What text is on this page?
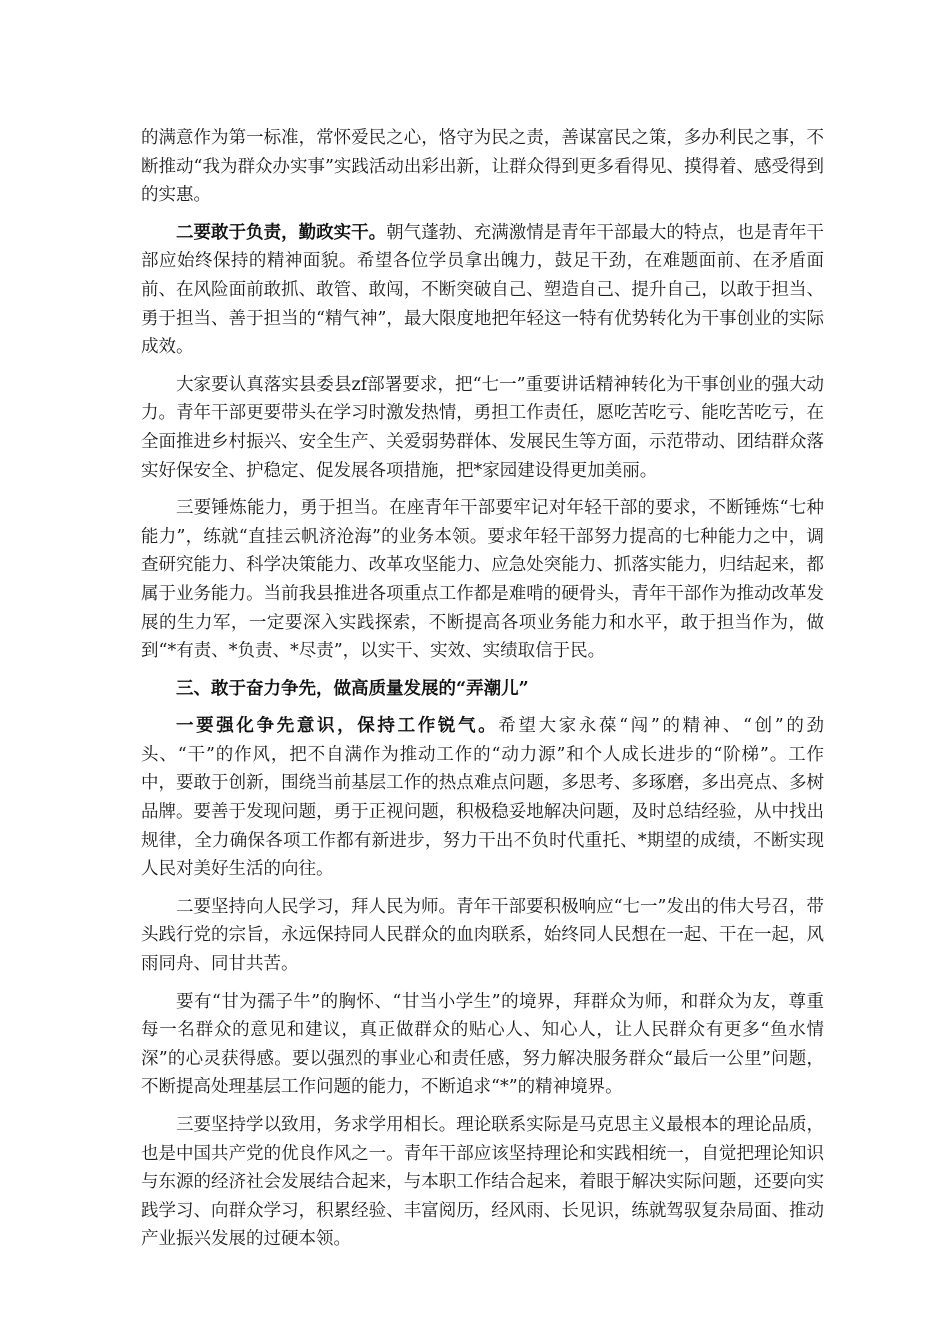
的满意作为第一标准，常怀爱民之心，恪守为民之责，善谋富民之策，多办利民之事，不断推动“我为群众办实事”实践活动出彩出新，让群众得到更多看得见、摸得着、感受得到的实惠。

二要敢于负责，勤政实干。朝气蓬勃、充满激情是青年干部最大的特点，也是青年干部应始终保持的精神面貌。希望各位学员拿出魄力，鼓足干劲，在难题面前、在矛盾面前、在风险面前敢抓、敢管、敢闯，不断突破自己、塑造自己、提升自己，以敢于担当、勇于担当、善于担当的“精气神”，最大限度地把年轻这一特有优势转化为干事创业的实际成效。

大家要认真落实县委县zf部署要求，把“七一”重要讲话精神转化为干事创业的强大动力。青年干部更要带头在学习时激发热情，勇担工作责任，愿吃苦吃亏、能吃苦吃亏，在全面推进乡村振兴、安全生产、关爱弱势群体、发展民生等方面，示范带动、团结群众落实好保安全、护稳定、促发展各项措施，把*家园建设得更加美丽。

三要锤炼能力，勇于担当。在座青年干部要牢记对年轻干部的要求，不断锤炼“七种能力”，练就“直挂云帆济沧海”的业务本领。要求年轻干部努力提高的七种能力之中，调查研究能力、科学决策能力、改革攻坚能力、应急处突能力、抓落实能力，归结起来，都属于业务能力。当前我县推进各项重点工作都是难啃的硬骨头，青年干部作为推动改革发展的生力军，一定要深入实践探索，不断提高各项业务能力和水平，敢于担当作为，做到“*有责、*负责、*尽责”，以实干、实效、实绩取信于民。

三、敢于奋力争先，做高质量发展的“弄潮儿”

一要强化争先意识，保持工作锐气。希望大家永葆“闯”的精神、“创”的劲头、“干”的作风，把不自满作为推动工作的“动力源”和个人成长进步的“阶梯”。工作中，要敢于创新，围绕当前基层工作的热点难点问题，多思考、多琢磨，多出亮点、多树品牌。要善于发现问题，勇于正视问题，积极稳妥地解决问题，及时总结经验，从中找出规律，全力确保各项工作都有新进步，努力干出不负时代重托、*期望的成绩，不断实现人民对美好生活的向往。

二要坚持向人民学习，拜人民为师。青年干部要积极响应“七一”发出的伟大号召，带头践行党的宗旨，永远保持同人民群众的血肉联系，始终同人民想在一起、干在一起，风雨同舟、同甘共苦。

要有“甘为孺子牛”的胸怀、“甘当小学生”的境界，拜群众为师，和群众为友，尊重每一名群众的意见和建议，真正做群众的贴心人、知心人，让人民群众有更多“鱼水情深”的心灵获得感。要以强烈的事业心和责任感，努力解决服务群众“最后一公里”问题，不断提高处理基层工作问题的能力，不断追求“*”的精神境界。

三要坚持学以致用，务求学用相长。理论联系实际是马克思主义最根本的理论品质，也是中国共产党的优良作风之一。青年干部应该坚持理论和实践相统一，自觉把理论知识与东源的经济社会发展结合起来，与本职工作结合起来，着眼于解决实际问题，还要向实践学习、向群众学习，积累经验、丰富阅历，经风雨、长见识，练就驾驭复杂局面、推动产业振兴发展的过硬本领。
